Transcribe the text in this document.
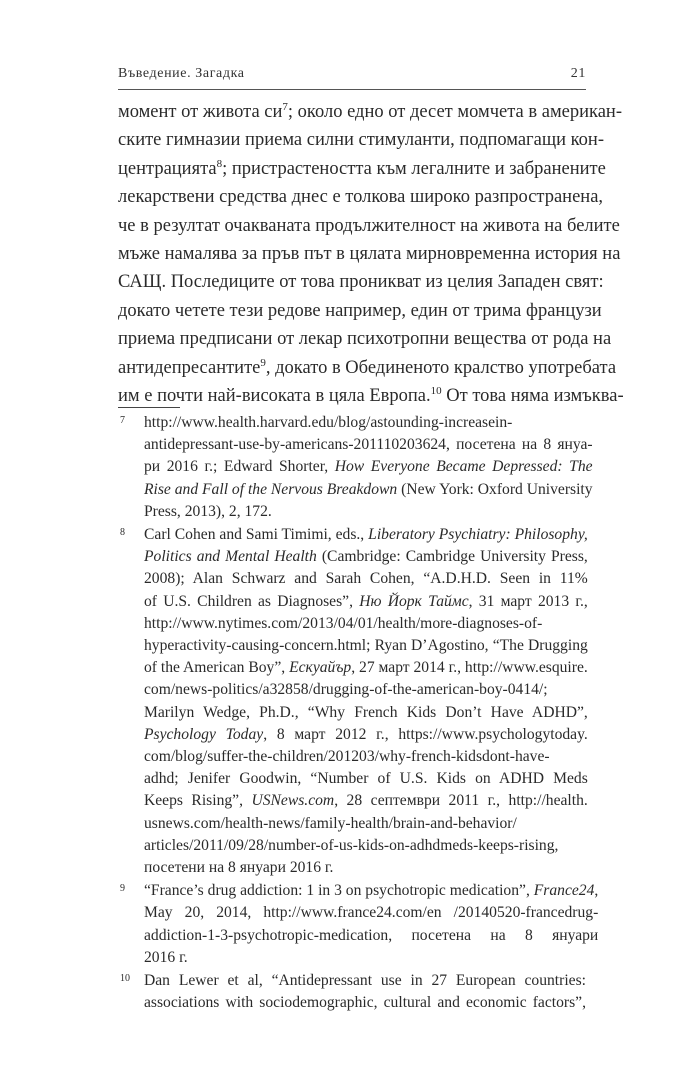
Въведение. Загадка	21
момент от живота $си^7$; около едно от десет момчета в американ-
ските гимназии приема силни стимуланти, подпомагащи кон-
центрацията$^8$; пристрастеността към легалните и забранените
лекарствени средства днес е толкова широко разпространена,
че в резултат очакваната продължителност на живота на белите
мъже намалява за пръв път в цялата мирновременна история на
САЩ. Последиците от това проникват из целия Западен свят:
докато четете тези редове например, един от трима французи
приема предписани от лекар психотропни вещества от рода на
антидепресантите$^9$, докато в Обединеното кралство употребата
им е почти най-високата в цяла Европа.$^{10}$ От това няма измъква-
7	http://www.health.harvard.edu/blog/astounding-increasein-
antidepressant-use-by-americans-201110203624, посетена на 8 януа-
ри 2016 г.; Edward Shorter, How Everyone Became Depressed: The
Rise and Fall of the Nervous Breakdown (New York: Oxford University
Press, 2013), 2, 172.
8	Carl Cohen and Sami Timimi, eds., Liberatory Psychiatry: Philosophy,
Politics and Mental Health (Cambridge: Cambridge University Press,
2008); Alan Schwarz and Sarah Cohen, “A.D.H.D. Seen in 11%
of U.S. Children as Diagnoses”, Ню Йорк Таймс, 31 март 2013 г.,
http://www.nytimes.com/2013/04/01/health/more-diagnoses-of-
hyperactivity-causing-concern.html; Ryan D’Agostino, “The Drugging
of the American Boy”, Ескуайър, 27 март 2014 г., http://www.esquire.
com/news-politics/a32858/drugging-of-the-american-boy-0414/;
Marilyn Wedge, Ph.D., “Why French Kids Don’t Have ADHD”,
Psychology Today, 8 март 2012 г., https://www.psychologytoday.
com/blog/suffer-the-children/201203/why-french-kidsdont-have-
adhd; Jenifer Goodwin, “Number of U.S. Kids on ADHD Meds
Keeps Rising”, USNews.com, 28 септември 2011 г., http://health.
usnews.com/health-news/family-health/brain-and-behavior/
articles/2011/09/28/number-of-us-kids-on-adhdmeds-keeps-rising,
посетени на 8 януари 2016 г.
9	“France’s drug addiction: 1 in 3 on psychotropic medication”, France24,
May 20, 2014, http://www.france24.com/en /20140520-francedrug-
addiction-1-3-psychotropic-medication, посетена на 8 януари
2016 г.
10 Dan Lewer et al, “Antidepressant use in 27 European countries:
associations with sociodemographic, cultural and economic factors”,
